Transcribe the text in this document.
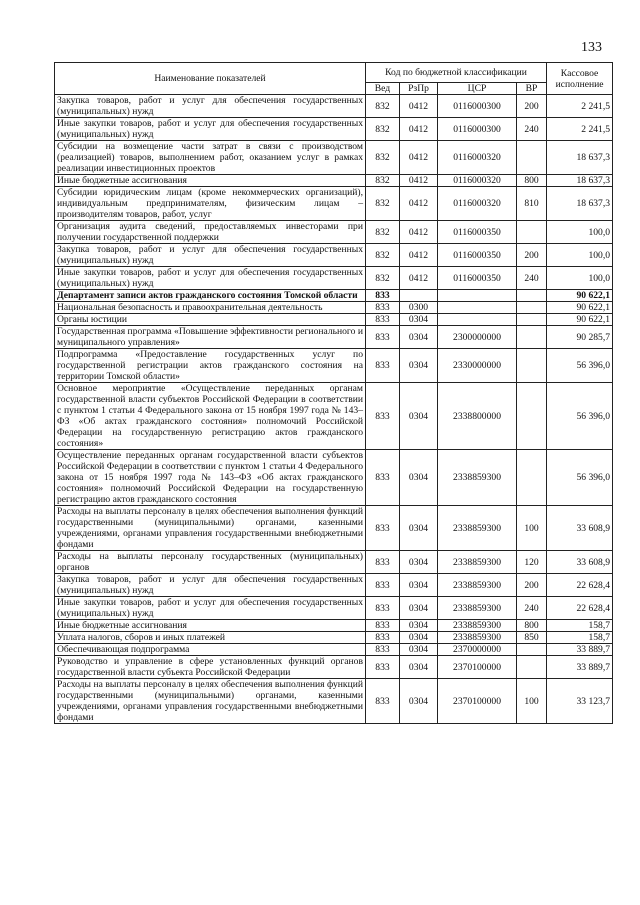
133
Наименование показателей	Код по бюджетной классификации				Кассовое исполнение
	Вед	РзПр	ЦСР	ВР	
Закупка товаров, работ и услуг для обеспечения государственных (муниципальных) нужд	832	0412	0116000300	200	2 241,5
Иные закупки товаров, работ и услуг для обеспечения государственных (муниципальных) нужд	832	0412	0116000300	240	2 241,5
Субсидии на возмещение части затрат в связи с производством (реализацией) товаров, выполнением работ, оказанием услуг в рамках реализации инвестиционных проектов	832	0412	0116000320		18 637,3
Иные бюджетные ассигнования	832	0412	0116000320	800	18 637,3
Субсидии юридическим лицам (кроме некоммерческих организаций), индивидуальным предпринимателям, физическим лицам – производителям товаров, работ, услуг	832	0412	0116000320	810	18 637,3
Организация аудита сведений, предоставляемых инвесторами при получении государственной поддержки	832	0412	0116000350		100,0
Закупка товаров, работ и услуг для обеспечения государственных (муниципальных) нужд	832	0412	0116000350	200	100,0
Иные закупки товаров, работ и услуг для обеспечения государственных (муниципальных) нужд	832	0412	0116000350	240	100,0
Департамент записи актов гражданского состояния Томской области	833				90 622,1
Национальная безопасность и правоохранительная деятельность	833	0300			90 622,1
Органы юстиции	833	0304			90 622,1
Государственная программа «Повышение эффективности регионального и муниципального управления»	833	0304	2300000000		90 285,7
Подпрограмма «Предоставление государственных услуг по государственной регистрации актов гражданского состояния на территории Томской области»	833	0304	2330000000		56 396,0
Основное мероприятие «Осуществление переданных органам государственной власти субъектов Российской Федерации в соответствии с пунктом 1 статьи 4 Федерального закона от 15 ноября 1997 года № 143–ФЗ «Об актах гражданского состояния» полномочий Российской Федерации на государственную регистрацию актов гражданского состояния»	833	0304	2338800000		56 396,0
Осуществление переданных органам государственной власти субъектов Российской Федерации в соответствии с пунктом 1 статьи 4 Федерального закона от 15 ноября 1997 года № 143–ФЗ «Об актах гражданского состояния» полномочий Российской Федерации на государственную регистрацию актов гражданского состояния	833	0304	2338859300		56 396,0
Расходы на выплаты персоналу в целях обеспечения выполнения функций государственными (муниципальными) органами, казенными учреждениями, органами управления государственными внебюджетными фондами	833	0304	2338859300	100	33 608,9
Расходы на выплаты персоналу государственных (муниципальных) органов	833	0304	2338859300	120	33 608,9
Закупка товаров, работ и услуг для обеспечения государственных (муниципальных) нужд	833	0304	2338859300	200	22 628,4
Иные закупки товаров, работ и услуг для обеспечения государственных (муниципальных) нужд	833	0304	2338859300	240	22 628,4
Иные бюджетные ассигнования	833	0304	2338859300	800	158,7
Уплата налогов, сборов и иных платежей	833	0304	2338859300	850	158,7
Обеспечивающая подпрограмма	833	0304	2370000000		33 889,7
Руководство и управление в сфере установленных функций органов государственной власти субъекта Российской Федерации	833	0304	2370100000		33 889,7
Расходы на выплаты персоналу в целях обеспечения выполнения функций государственными (муниципальными) органами, казенными учреждениями, органами управления государственными внебюджетными фондами	833	0304	2370100000	100	33 123,7
